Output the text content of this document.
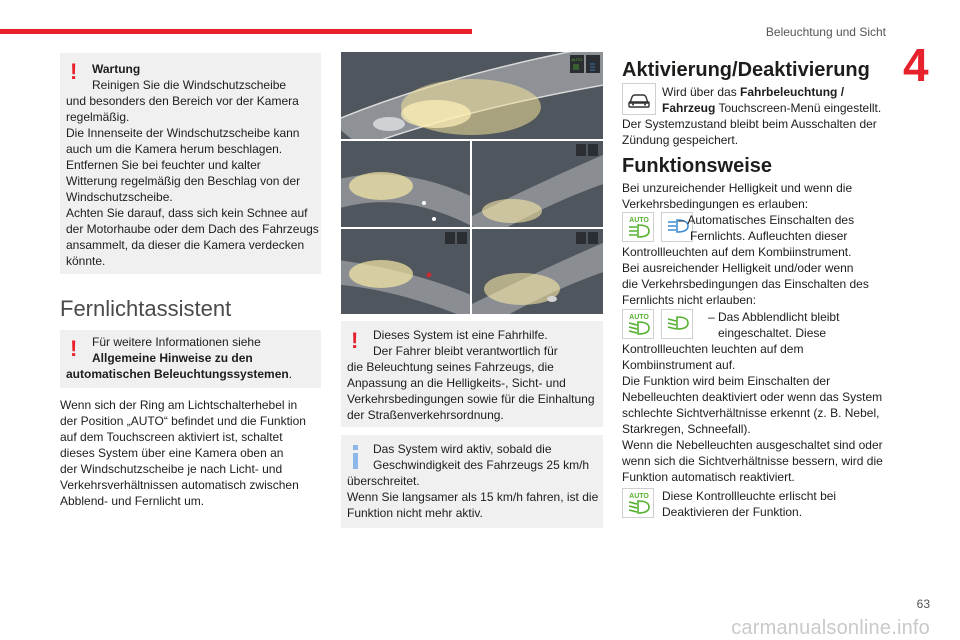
Beleuchtung und Sicht
4
! Wartung

Reinigen Sie die Windschutzscheibe

und besonders den Bereich vor der Kamera

regelmäßig.

Die Innenseite der Windschutzscheibe kann

auch um die Kamera herum beschlagen.

Entfernen Sie bei feuchter und kalter

Witterung regelmäßig den Beschlag von der

Windschutzscheibe.

Achten Sie darauf, dass sich kein Schnee auf

der Motorhaube oder dem Dach des Fahrzeugs

ansammelt, da dieser die Kamera verdecken

könnte.

Fernlichtassistent
! Für weitere Informationen siehe

Allgemeine Hinweise zu den

automatischen Beleuchtungssystemen.

Wenn sich der Ring am Lichtschalterhebel in

der Position „AUTO“ befindet und die Funktion

auf dem Touchscreen aktiviert ist, schaltet

dieses System über eine Kamera oben an

der Windschutzscheibe je nach Licht- und

Verkehrsverhältnissen automatisch zwischen

Abblend- und Fernlicht um.

AUTO
! Dieses System ist eine Fahrhilfe.

Der Fahrer bleibt verantwortlich für

die Beleuchtung seines Fahrzeugs, die

Anpassung an die Helligkeits-, Sicht- und

Verkehrsbedingungen sowie für die Einhaltung

der Straßenverkehrsordnung.

Das System wird aktiv, sobald die

Geschwindigkeit des Fahrzeugs 25 km/h

überschreitet.

Wenn Sie langsamer als 15 km/h fahren, ist die

Funktion nicht mehr aktiv.

Aktivierung/Deaktivierung

Wird über das Fahrbeleuchtung /

Fahrzeug Touchscreen-Menü eingestellt.

Der Systemzustand bleibt beim Ausschalten der

Zündung gespeichert.

Funktionsweise

Bei unzureichender Helligkeit und wenn die

Verkehrsbedingungen es erlauben:

AUTO
– Automatisches Einschalten des

Fernlichts. Aufleuchten dieser

Kontrollleuchten auf dem Kombiinstrument.

Bei ausreichender Helligkeit und/oder wenn

die Verkehrsbedingungen das Einschalten des

Fernlichts nicht erlauben:

AUTO
	– Das Abblendlicht bleibt

eingeschaltet. Diese

Kontrollleuchten leuchten auf dem

Kombiinstrument auf.

Die Funktion wird beim Einschalten der

Nebelleuchten deaktiviert oder wenn das System

schlechte Sichtverhältnisse erkennt (z. B. Nebel,

Starkregen, Schneefall).

Wenn die Nebelleuchten ausgeschaltet sind oder

wenn sich die Sichtverhältnisse bessern, wird die

Funktion automatisch reaktiviert.

AUTO Diese Kontrollleuchte erlischt bei

Deaktivieren der Funktion.

carmanualsonline.info
63
